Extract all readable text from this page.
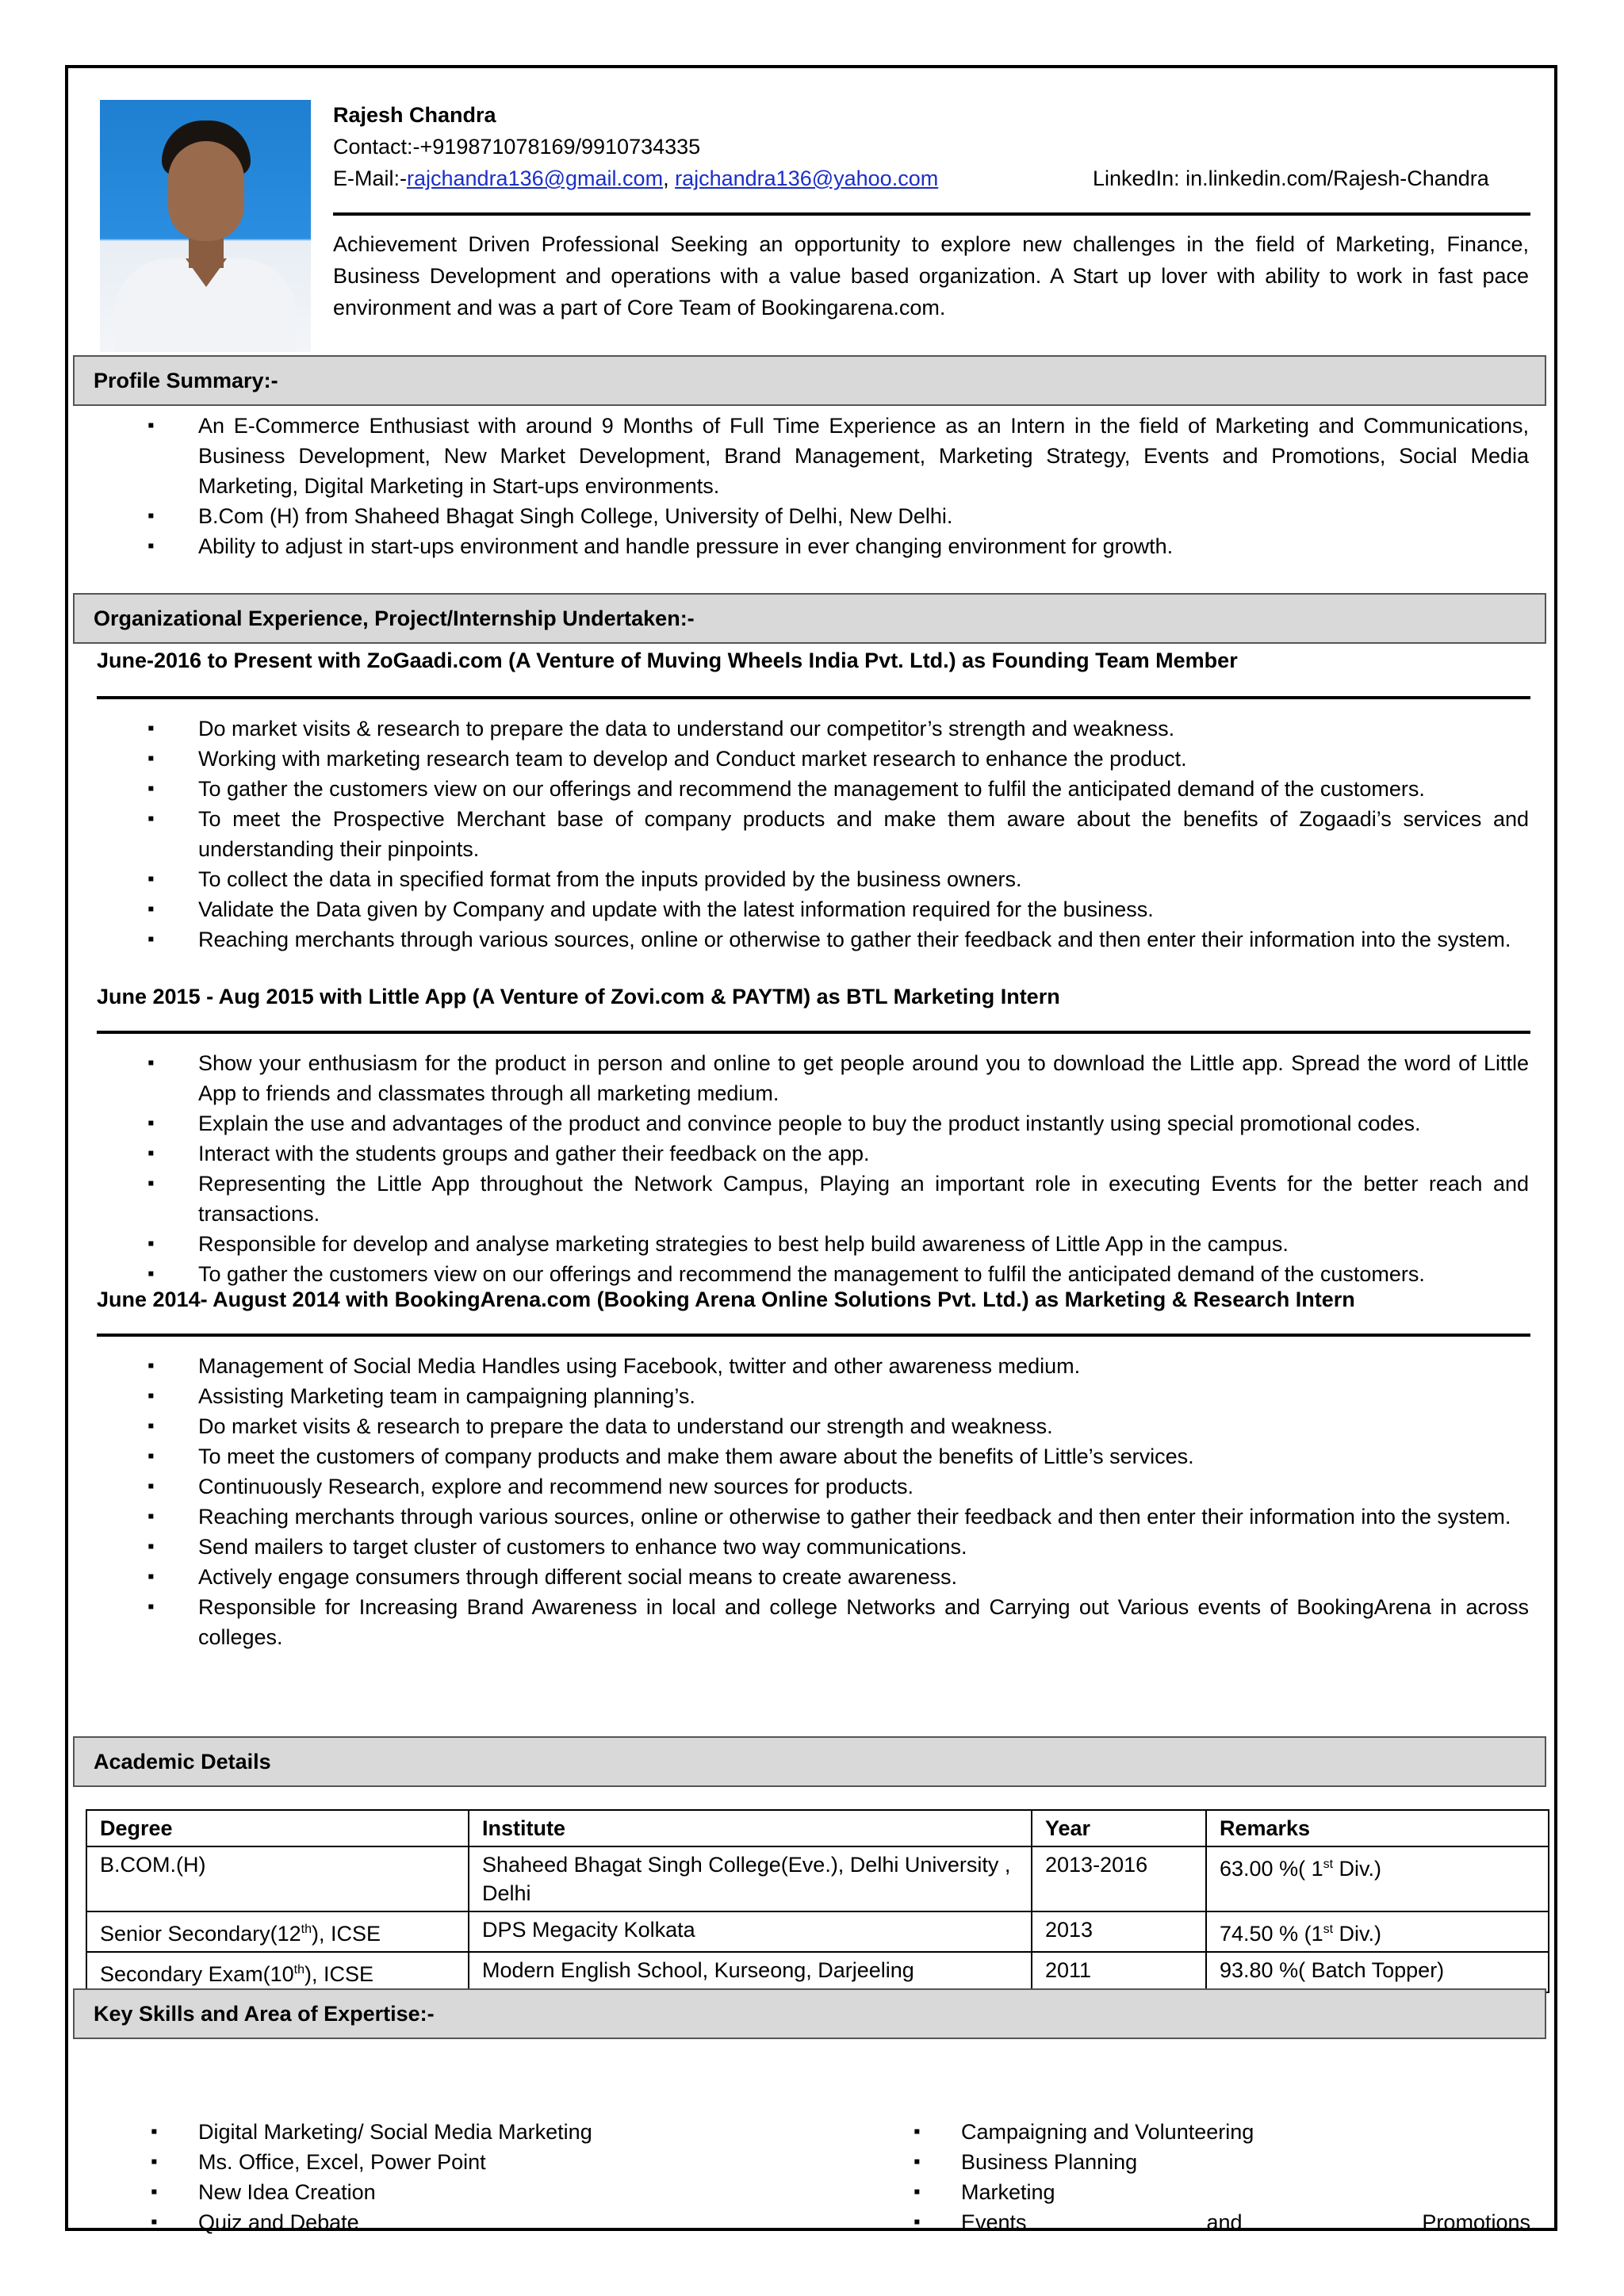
Rajesh Chandra
Contact:-+919871078169/9910734335
E-Mail:-rajchandra136@gmail.com, rajchandra136@yahoo.com	LinkedIn: in.linkedin.com/Rajesh-Chandra
Achievement Driven Professional Seeking an opportunity to explore new challenges in the field of Marketing, Finance, Business Development and operations with a value based organization. A Start up lover with ability to work in fast pace environment and was a part of Core Team of Bookingarena.com.
Profile Summary:-
▪ An E-Commerce Enthusiast with around 9 Months of Full Time Experience as an Intern in the field of Marketing and Communications, Business Development, New Market Development, Brand Management, Marketing Strategy, Events and Promotions, Social Media Marketing, Digital Marketing in Start-ups environments.
▪ B.Com (H) from Shaheed Bhagat Singh College, University of Delhi, New Delhi.
▪ Ability to adjust in start-ups environment and handle pressure in ever changing environment for growth.
Organizational Experience, Project/Internship Undertaken:-
June-2016 to Present with ZoGaadi.com (A Venture of Muving Wheels India Pvt. Ltd.) as Founding Team Member
▪ Do market visits & research to prepare the data to understand our competitor’s strength and weakness.
▪ Working with marketing research team to develop and Conduct market research to enhance the product.
▪ To gather the customers view on our offerings and recommend the management to fulfil the anticipated demand of the customers.
▪ To meet the Prospective Merchant base of company products and make them aware about the benefits of Zogaadi’s services and understanding their pinpoints.
▪ To collect the data in specified format from the inputs provided by the business owners.
▪ Validate the Data given by Company and update with the latest information required for the business.
▪ Reaching merchants through various sources, online or otherwise to gather their feedback and then enter their information into the system.
June 2015 - Aug 2015 with Little App (A Venture of Zovi.com & PAYTM) as BTL Marketing Intern
▪ Show your enthusiasm for the product in person and online to get people around you to download the Little app. Spread the word of Little App to friends and classmates through all marketing medium.
▪ Explain the use and advantages of the product and convince people to buy the product instantly using special promotional codes.
▪ Interact with the students groups and gather their feedback on the app.
▪ Representing the Little App throughout the Network Campus, Playing an important role in executing Events for the better reach and transactions.
▪ Responsible for develop and analyse marketing strategies to best help build awareness of Little App in the campus.
▪ To gather the customers view on our offerings and recommend the management to fulfil the anticipated demand of the customers.
June 2014- August 2014 with BookingArena.com (Booking Arena Online Solutions Pvt. Ltd.) as Marketing & Research Intern
▪ Management of Social Media Handles using Facebook, twitter and other awareness medium.
▪ Assisting Marketing team in campaigning planning’s.
▪ Do market visits & research to prepare the data to understand our strength and weakness.
▪ To meet the customers of company products and make them aware about the benefits of Little’s services.
▪ Continuously Research, explore and recommend new sources for products.
▪ Reaching merchants through various sources, online or otherwise to gather their feedback and then enter their information into the system.
▪ Send mailers to target cluster of customers to enhance two way communications.
▪ Actively engage consumers through different social means to create awareness.
▪ Responsible for Increasing Brand Awareness in local and college Networks and Carrying out Various events of BookingArena in across colleges.
Academic Details
Degree	Institute	Year	Remarks
B.COM.(H)	Shaheed Bhagat Singh College(Eve.), Delhi University , Delhi	2013-2016	63.00 %( 1st Div.)
Senior Secondary(12th), ICSE	DPS Megacity Kolkata	2013	74.50 % (1st Div.)
Secondary Exam(10th), ICSE	Modern English School, Kurseong, Darjeeling	2011	93.80 %( Batch Topper)
Key Skills and Area of Expertise:-
▪ Digital Marketing/ Social Media Marketing
▪ Ms. Office, Excel, Power Point
▪ New Idea Creation
▪ Quiz and Debate
▪ Campaigning and Volunteering
▪ Business Planning
▪ Marketing
▪ Events	and	Promotions
